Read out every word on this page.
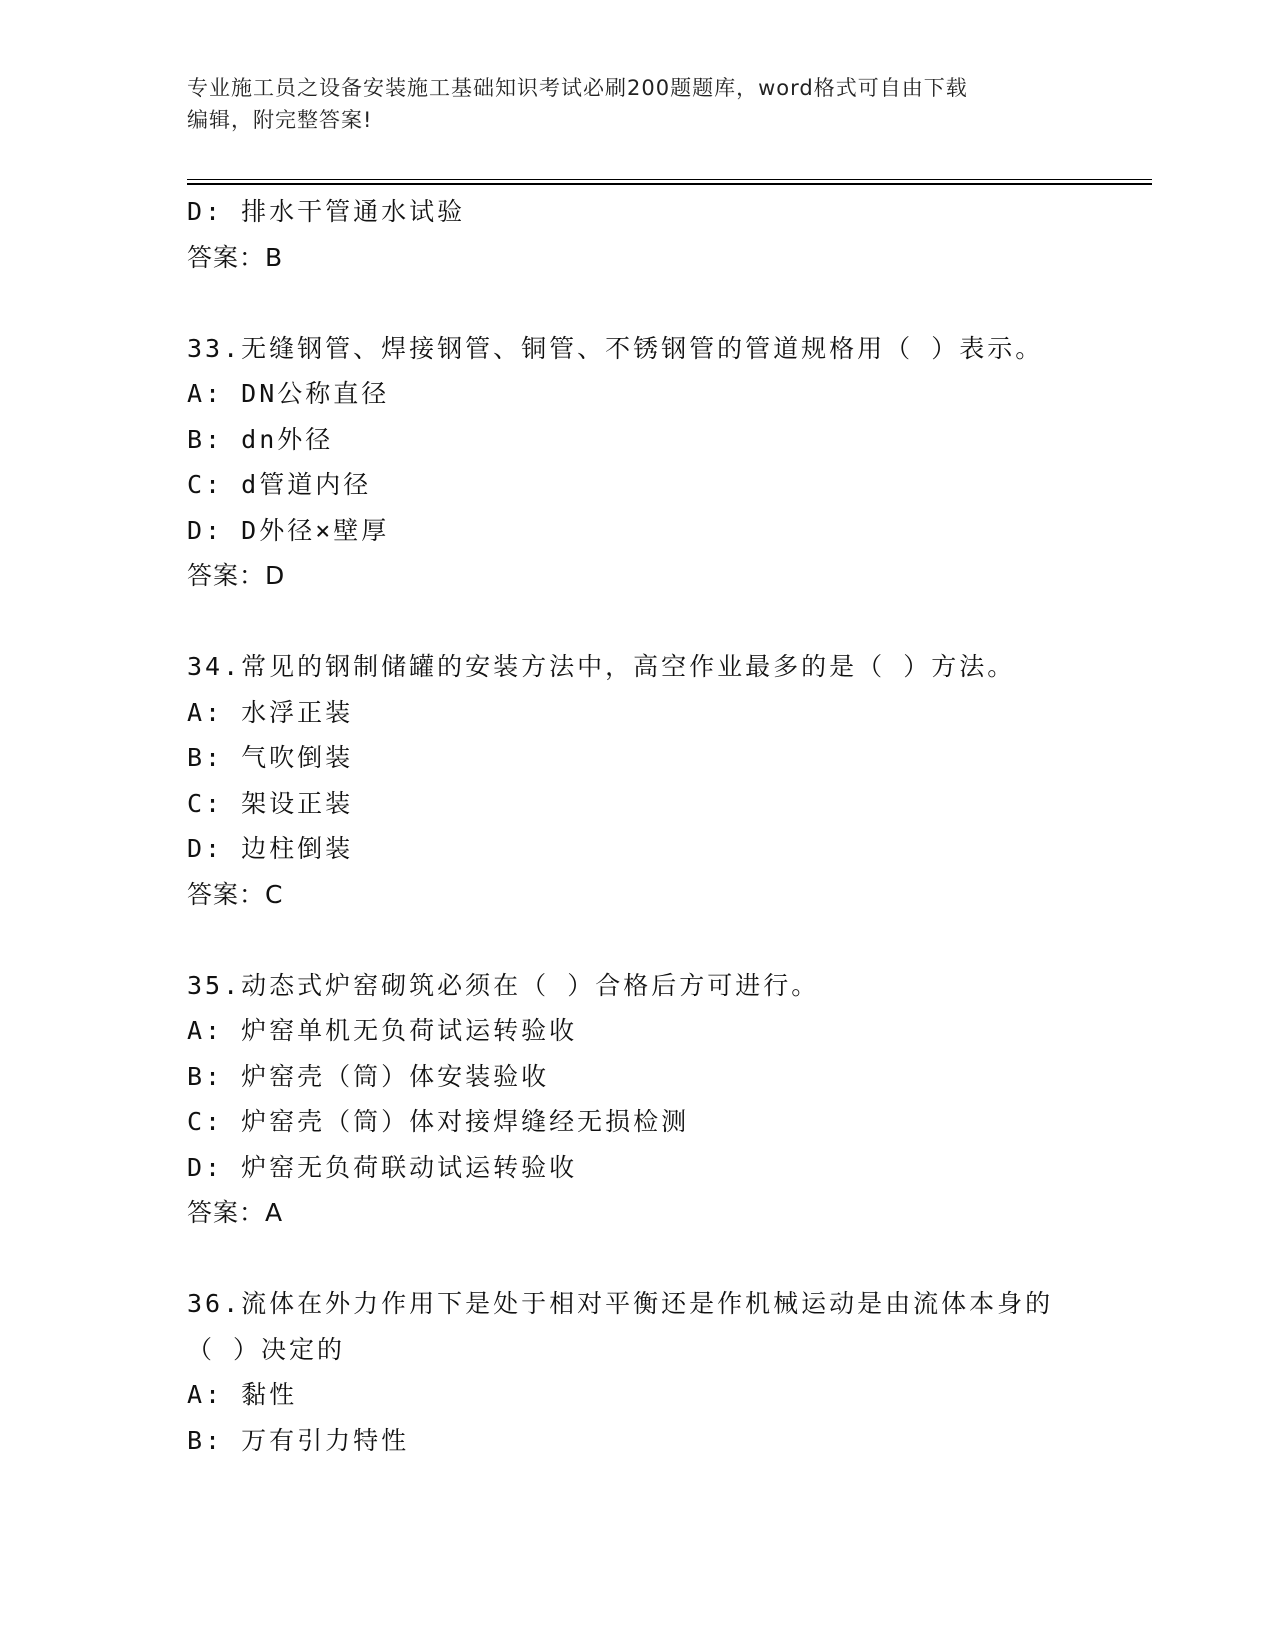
专业施工员之设备安装施工基础知识考试必刷200题题库，word格式可自由下载
编辑，附完整答案!
D: 排水干管通水试验
答案：B
33.无缝钢管、焊接钢管、铜管、不锈钢管的管道规格用（ ）表示。
A: DN公称直径
B: dn外径
C: d管道内径
D: D外径×壁厚
答案：D
34.常见的钢制储罐的安装方法中，高空作业最多的是（ ）方法。
A: 水浮正装
B: 气吹倒装
C: 架设正装
D: 边柱倒装
答案：C
35.动态式炉窑砌筑必须在（ ）合格后方可进行。
A: 炉窑单机无负荷试运转验收
B: 炉窑壳（筒）体安装验收
C: 炉窑壳（筒）体对接焊缝经无损检测
D: 炉窑无负荷联动试运转验收
答案：A
36.流体在外力作用下是处于相对平衡还是作机械运动是由流体本身的
（ ）决定的
A: 黏性
B: 万有引力特性
